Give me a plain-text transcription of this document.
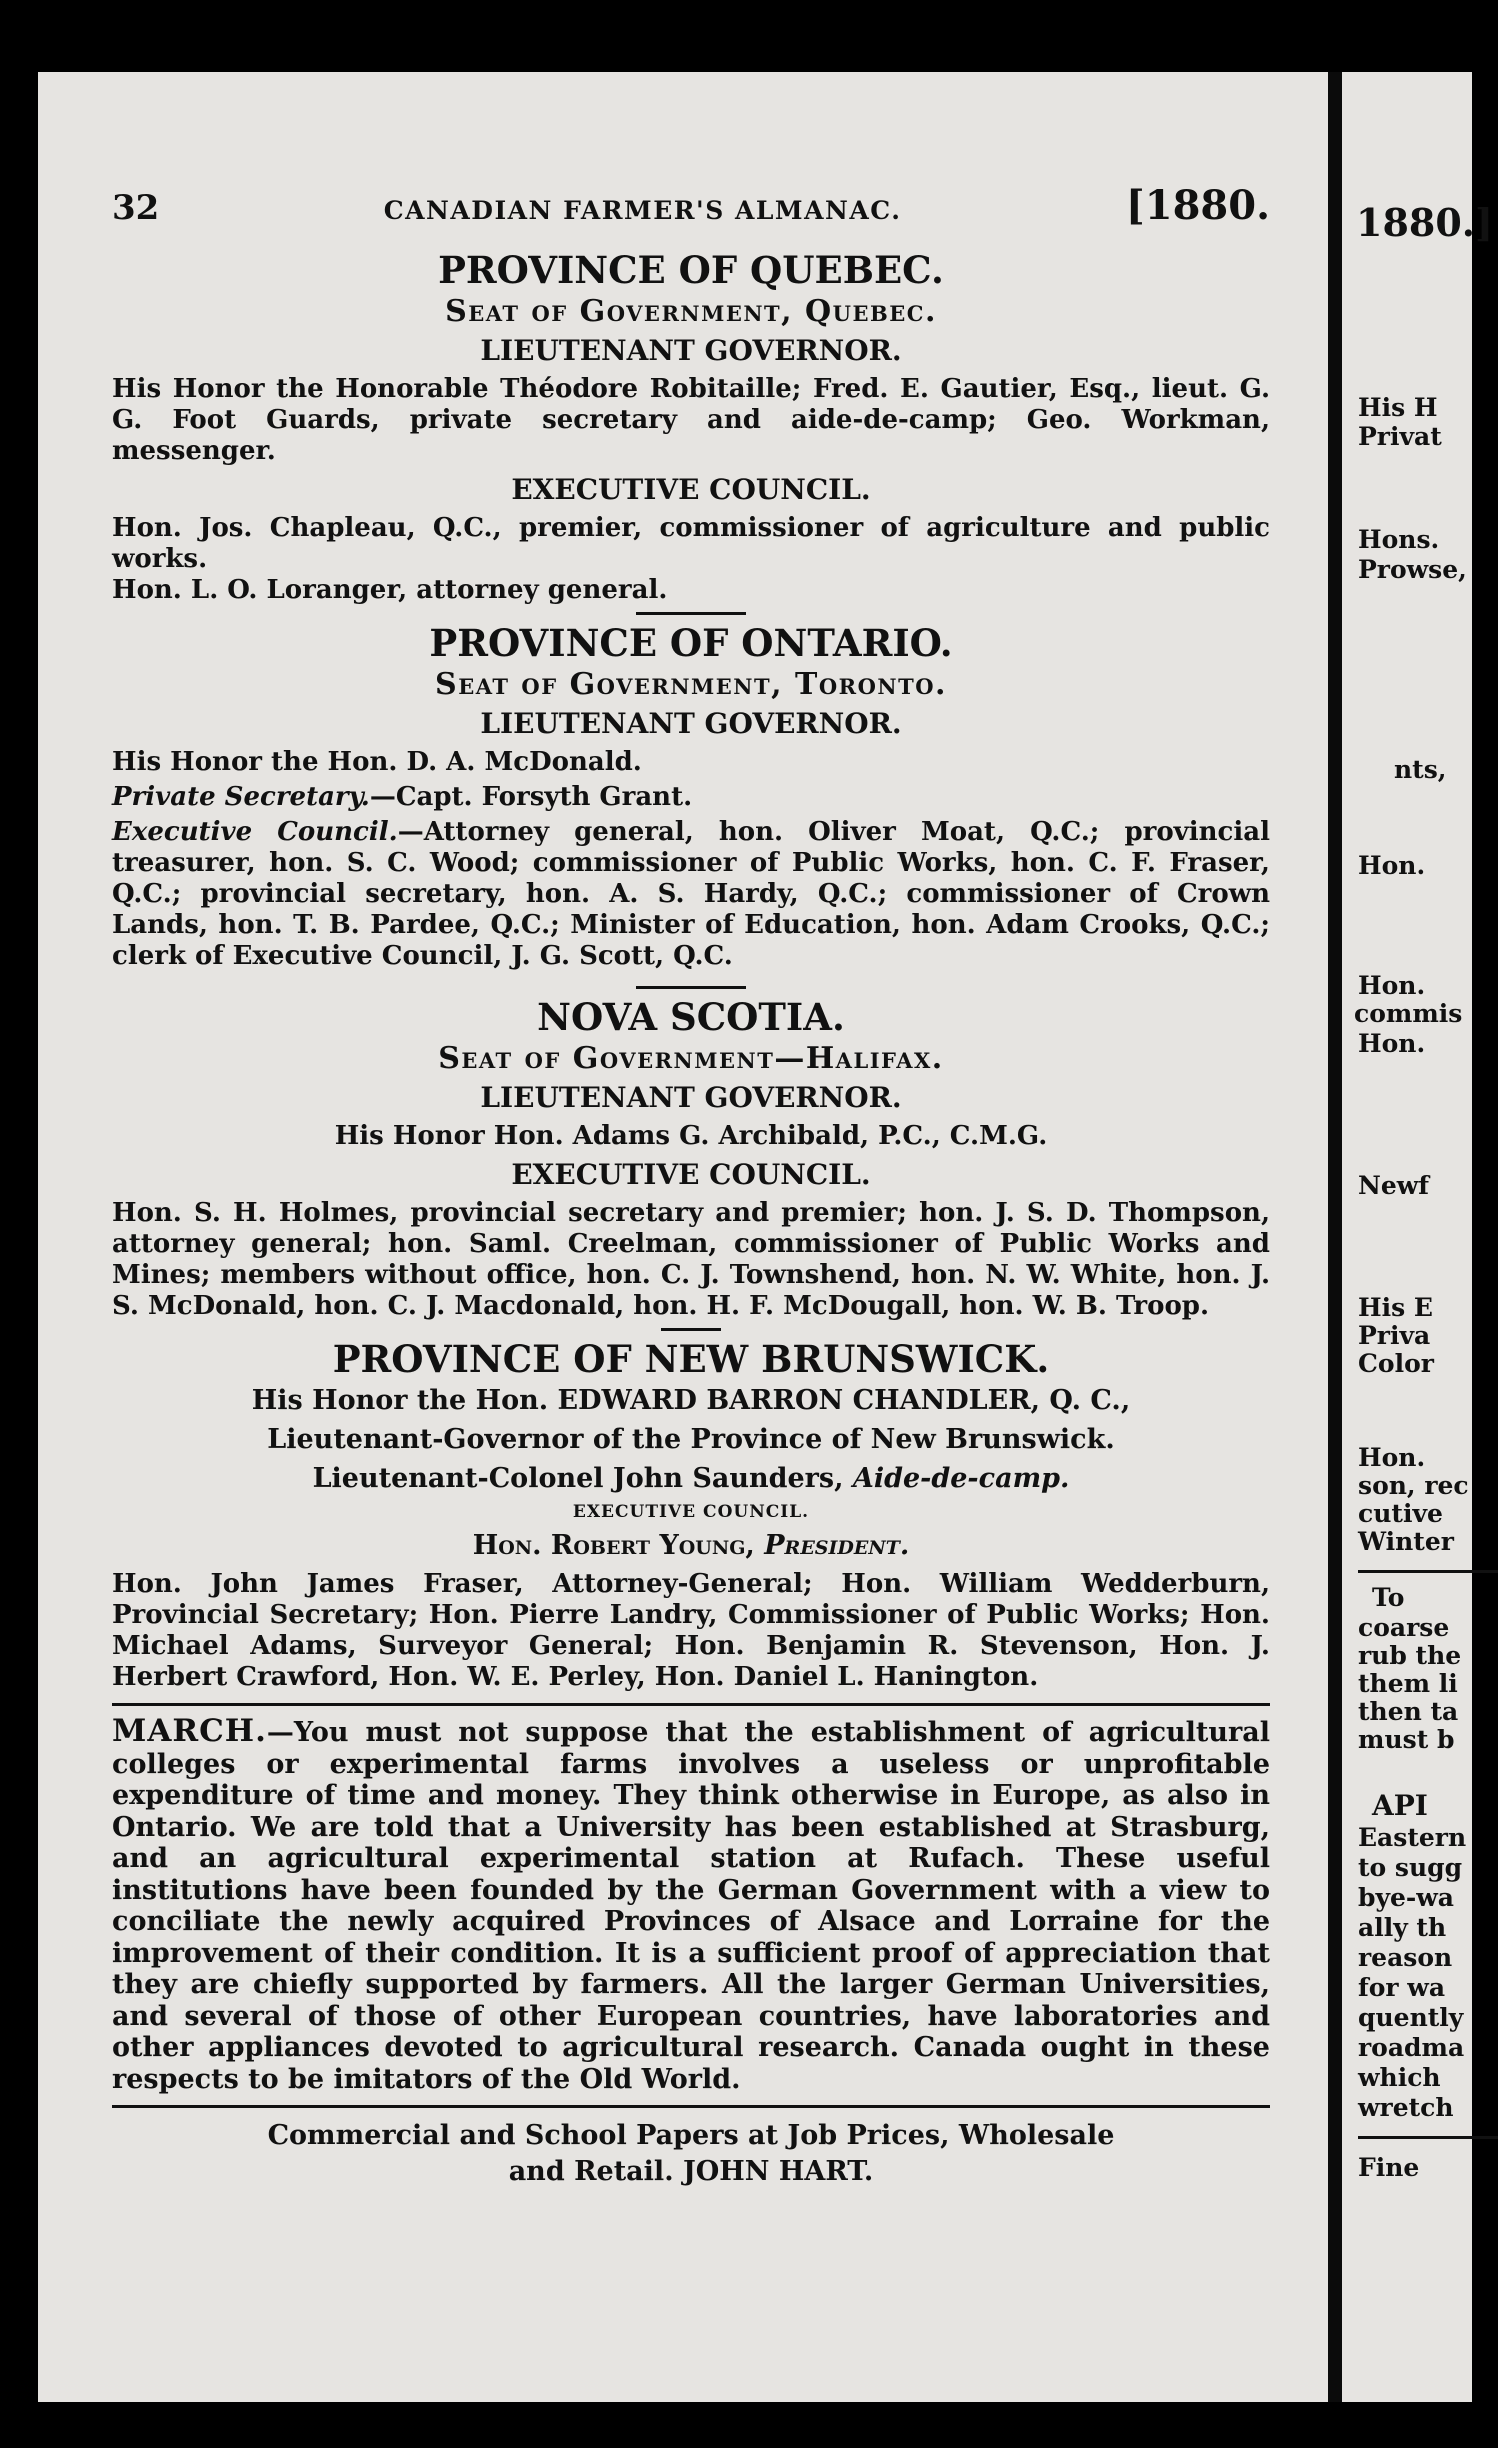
32	CANADIAN FARMER'S ALMANAC.	[1880.
PROVINCE OF QUEBEC.
Seat of Government, Quebec.
LIEUTENANT GOVERNOR.
His Honor the Honorable Théodore Robitaille; Fred. E. Gautier, Esq., lieut. G. G. Foot Guards, private secretary and aide-de-camp; Geo. Workman, messenger.
EXECUTIVE COUNCIL.
Hon. Jos. Chapleau, Q.C., premier, commissioner of agriculture and public works.
Hon. L. O. Loranger, attorney general.
PROVINCE OF ONTARIO.
Seat of Government, Toronto.
LIEUTENANT GOVERNOR.
His Honor the Hon. D. A. McDonald.
Private Secretary.—Capt. Forsyth Grant.
Executive Council.—Attorney general, hon. Oliver Moat, Q.C.; provincial treasurer, hon. S. C. Wood; commissioner of Public Works, hon. C. F. Fraser, Q.C.; provincial secretary, hon. A. S. Hardy, Q.C.; commissioner of Crown Lands, hon. T. B. Pardee, Q.C.; Minister of Education, hon. Adam Crooks, Q.C.; clerk of Executive Council, J. G. Scott, Q.C.
NOVA SCOTIA.
Seat of Government—Halifax.
LIEUTENANT GOVERNOR.
His Honor Hon. Adams G. Archibald, P.C., C.M.G.
EXECUTIVE COUNCIL.
Hon. S. H. Holmes, provincial secretary and premier; hon. J. S. D. Thompson, attorney general; hon. Saml. Creelman, commissioner of Public Works and Mines; members without office, hon. C. J. Townshend, hon. N. W. White, hon. J. S. McDonald, hon. C. J. Macdonald, hon. H. F. McDougall, hon. W. B. Troop.
PROVINCE OF NEW BRUNSWICK.
His Honor the Hon. EDWARD BARRON CHANDLER, Q. C.,
Lieutenant-Governor of the Province of New Brunswick.
Lieutenant-Colonel John Saunders, Aide-de-camp.
EXECUTIVE COUNCIL.
Hon. Robert Young, President.
Hon. John James Fraser, Attorney-General; Hon. William Wedderburn, Provincial Secretary; Hon. Pierre Landry, Commissioner of Public Works; Hon. Michael Adams, Surveyor General; Hon. Benjamin R. Stevenson, Hon. J. Herbert Crawford, Hon. W. E. Perley, Hon. Daniel L. Hanington.
MARCH.—You must not suppose that the establishment of agricultural colleges or experimental farms involves a useless or unprofitable expenditure of time and money. They think otherwise in Europe, as also in Ontario. We are told that a University has been established at Strasburg, and an agricultural experimental station at Rufach. These useful institutions have been founded by the German Government with a view to conciliate the newly acquired Provinces of Alsace and Lorraine for the improvement of their condition. It is a sufficient proof of appreciation that they are chiefly supported by farmers. All the larger German Universities, and several of those of other European countries, have laboratories and other appliances devoted to agricultural research. Canada ought in these respects to be imitators of the Old World.
Commercial and School Papers at Job Prices, Wholesale
and Retail. JOHN HART.
1880.]
His H
Privat
Hons.
Prowse,
nts,
Hon.
Hon.
commis
Hon.
Newf
His E
Priva
Color
Hon.
son, rec
cutive
Winter
To
coarse
rub the
them li
then ta
must b
API
Eastern
to sugg
bye-wa
ally th
reason
for wa
quently
roadma
which
wretch
Fine
